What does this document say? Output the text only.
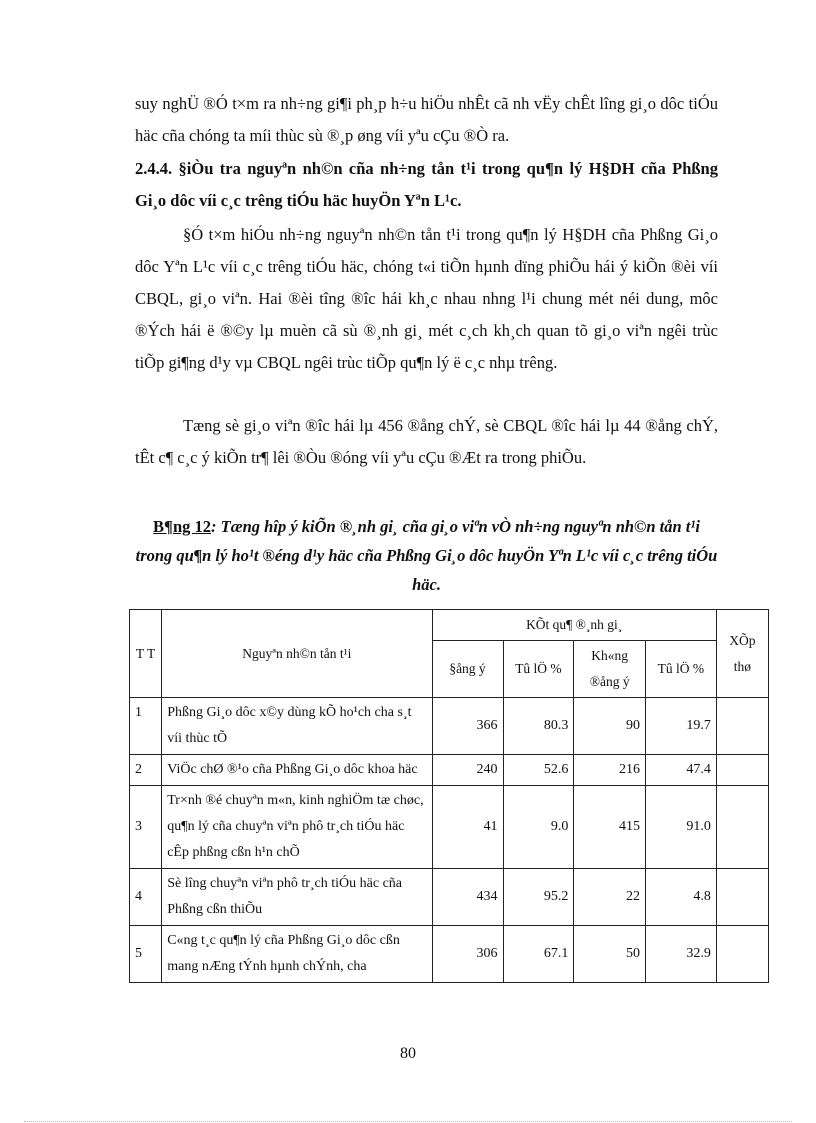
suy nghÜ ®Ó t×m ra nh÷ng gi¶i ph¸p h÷u hiÖu nhÊt cã nh vËy chÊt lîng gi¸o dôc tiÓu häc cña chóng ta míi thùc sù ®¸p øng víi yªu cÇu ®Ò ra.

2.4.4. §iÒu tra nguyªn nh©n cña nh÷ng tån t¹i trong qu¶n lý H§DH cña Phßng Gi¸o dôc víi c¸c trêng tiÓu häc huyÖn Yªn L¹c.

§Ó t×m hiÓu nh÷ng nguyªn nh©n tån t¹i trong qu¶n lý H§DH cña Phßng Gi¸o dôc Yªn L¹c víi c¸c trêng tiÓu häc, chóng t«i tiÕn hµnh dïng phiÕu hái ý kiÕn ®èi víi CBQL, gi¸o viªn. Hai ®èi tîng ®îc hái kh¸c nhau nhng l¹i chung mét néi dung, môc ®Ých hái ë ®©y lµ muèn cã sù ®¸nh gi¸ mét c¸ch kh¸ch quan tõ gi¸o viªn ngêi trùc tiÕp gi¶ng d¹y vµ CBQL ngêi trùc tiÕp qu¶n lý ë c¸c nhµ trêng.

Tæng sè gi¸o viªn ®îc hái lµ 456 ®ång chÝ, sè CBQL ®îc hái lµ 44 ®ång chÝ, tÊt c¶ c¸c ý kiÕn tr¶ lêi ®Òu ®óng víi yªu cÇu ®Æt ra trong phiÕu.

B¶ng 12: Tæng hîp ý kiÕn ®¸nh gi¸ cña gi¸o viªn vÒ nh÷ng nguyªn nh©n tån t¹i trong qu¶n lý ho¹t ®éng d¹y häc cña Phßng Gi¸o dôc huyÖn Yªn L¹c víi c¸c trêng tiÓu häc.

T T	Nguyªn nh©n tån t¹i	KÕt qu¶ ®¸nh gi¸				XÕp thø
		§ång ý	Tû lÖ %	Kh«ng ®ång ý	Tû lÖ %	
1	Phßng Gi¸o dôc x©y dùng kÕ ho¹ch cha s¸t víi thùc tÕ	366	80.3	90	19.7	
2	ViÖc chØ ®¹o cña Phßng Gi¸o dôc khoa häc	240	52.6	216	47.4	
3	Tr×nh ®é chuyªn m«n, kinh nghiÖm tæ chøc, qu¶n lý cña chuyªn viªn phô tr¸ch tiÓu häc cÊp phßng cßn h¹n chÕ	41	9.0	415	91.0	
4	Sè lîng chuyªn viªn phô tr¸ch tiÓu häc cña Phßng cßn thiÕu	434	95.2	22	4.8	
5	C«ng t¸c qu¶n lý cña Phßng Gi¸o dôc cßn mang nÆng tÝnh hµnh chÝnh, cha	306	67.1	50	32.9	
80
